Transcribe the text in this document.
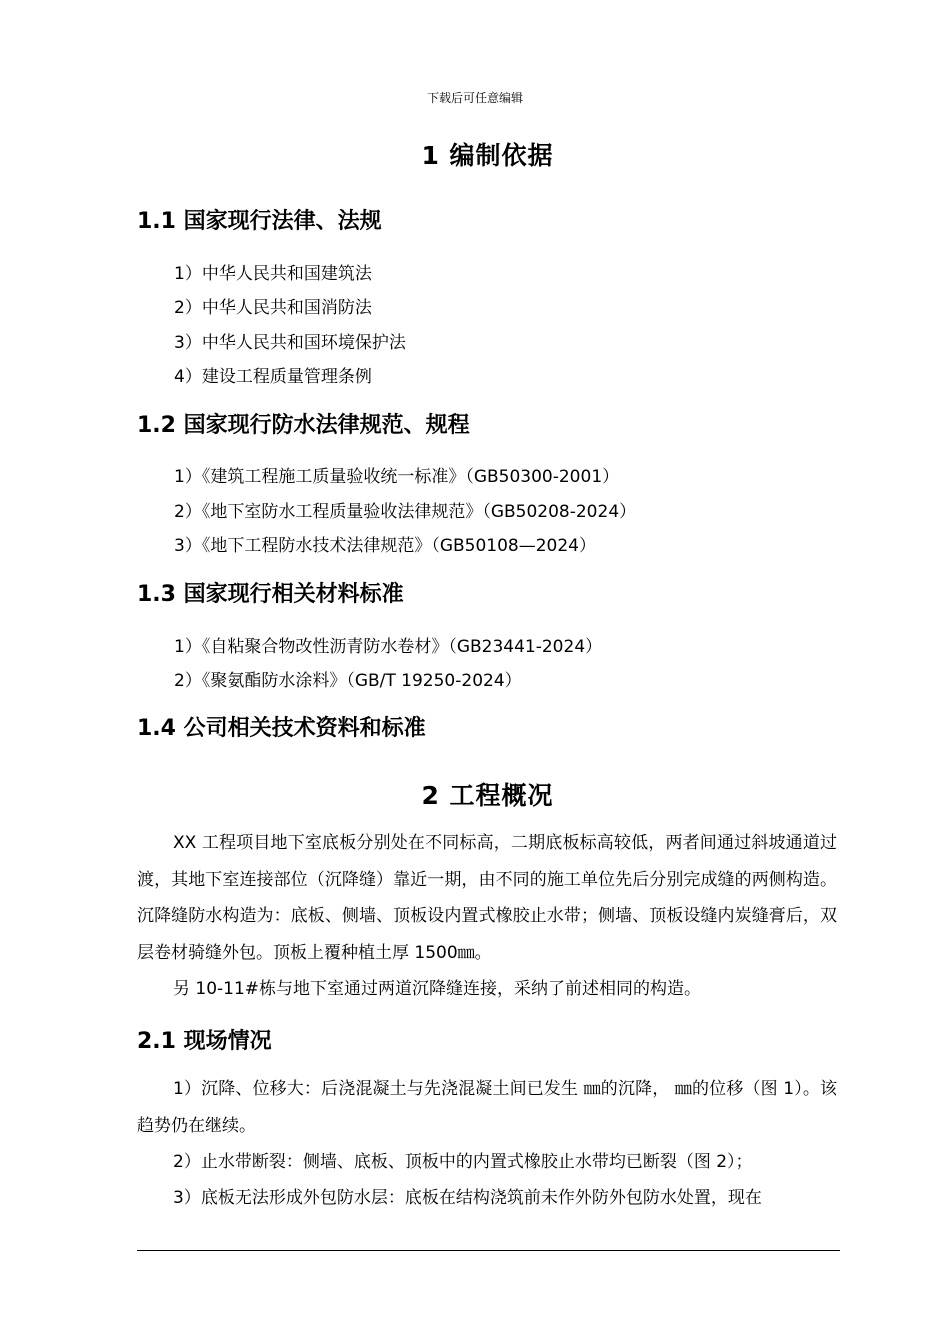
下载后可任意编辑
1 编制依据
1.1 国家现行法律、法规
1）中华人民共和国建筑法
2）中华人民共和国消防法
3）中华人民共和国环境保护法
4）建设工程质量管理条例
1.2 国家现行防水法律规范、规程
1）《建筑工程施工质量验收统一标准》（GB50300-2001）
2）《地下室防水工程质量验收法律规范》（GB50208-2024）
3）《地下工程防水技术法律规范》（GB50108—2024）
1.3 国家现行相关材料标准
1）《自粘聚合物改性沥青防水卷材》（GB23441-2024）
2）《聚氨酯防水涂料》（GB/T 19250-2024）
1.4 公司相关技术资料和标准
2 工程概况
XX 工程项目地下室底板分别处在不同标高，二期底板标高较低，两者间通过斜坡通道过渡，其地下室连接部位（沉降缝）靠近一期，由不同的施工单位先后分别完成缝的两侧构造。沉降缝防水构造为：底板、侧墙、顶板设内置式橡胶止水带；侧墙、顶板设缝内炭缝膏后，双层卷材骑缝外包。顶板上覆种植土厚 1500㎜。
另 10-11#栋与地下室通过两道沉降缝连接，采纳了前述相同的构造。
2.1 现场情况
1）沉降、位移大：后浇混凝土与先浇混凝土间已发生 ㎜的沉降， ㎜的位移（图 1）。该趋势仍在继续。
2）止水带断裂：侧墙、底板、顶板中的内置式橡胶止水带均已断裂（图 2）；
3）底板无法形成外包防水层：底板在结构浇筑前未作外防外包防水处置，现在
